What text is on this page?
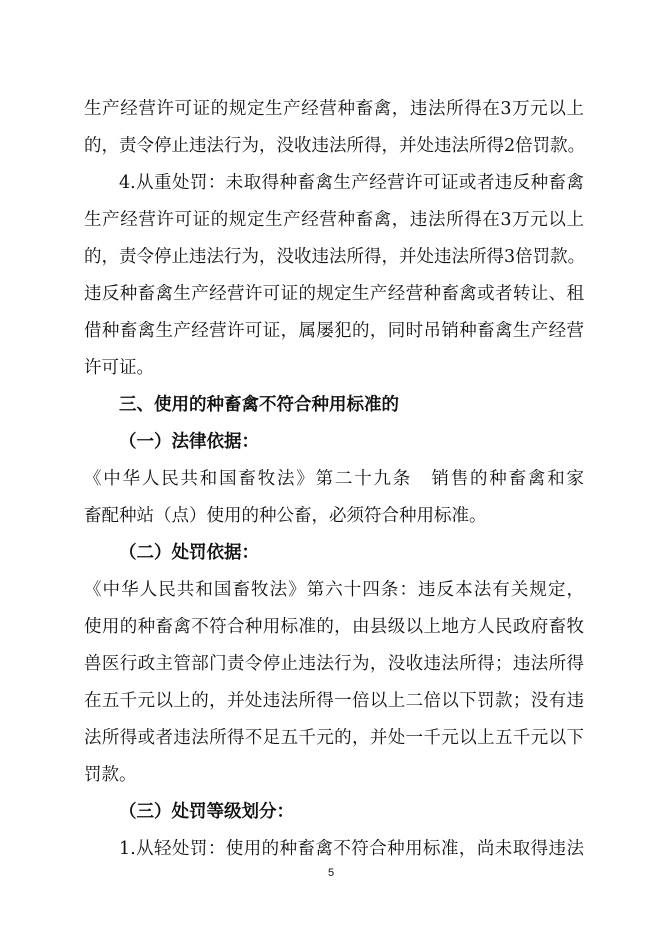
生产经营许可证的规定生产经营种畜禽，违法所得在3万元以上
的，责令停止违法行为，没收违法所得，并处违法所得2倍罚款。
4.从重处罚：未取得种畜禽生产经营许可证或者违反种畜禽
生产经营许可证的规定生产经营种畜禽，违法所得在3万元以上
的，责令停止违法行为，没收违法所得，并处违法所得3倍罚款。
违反种畜禽生产经营许可证的规定生产经营种畜禽或者转让、租
借种畜禽生产经营许可证，属屡犯的，同时吊销种畜禽生产经营
许可证。
三、使用的种畜禽不符合种用标准的
（一）法律依据：
《中华人民共和国畜牧法》第二十九条　销售的种畜禽和家
畜配种站（点）使用的种公畜，必须符合种用标准。
（二）处罚依据：
《中华人民共和国畜牧法》第六十四条：违反本法有关规定，
使用的种畜禽不符合种用标准的，由县级以上地方人民政府畜牧
兽医行政主管部门责令停止违法行为，没收违法所得；违法所得
在五千元以上的，并处违法所得一倍以上二倍以下罚款；没有违
法所得或者违法所得不足五千元的，并处一千元以上五千元以下
罚款。
（三）处罚等级划分：
1.从轻处罚：使用的种畜禽不符合种用标准，尚未取得违法
5
